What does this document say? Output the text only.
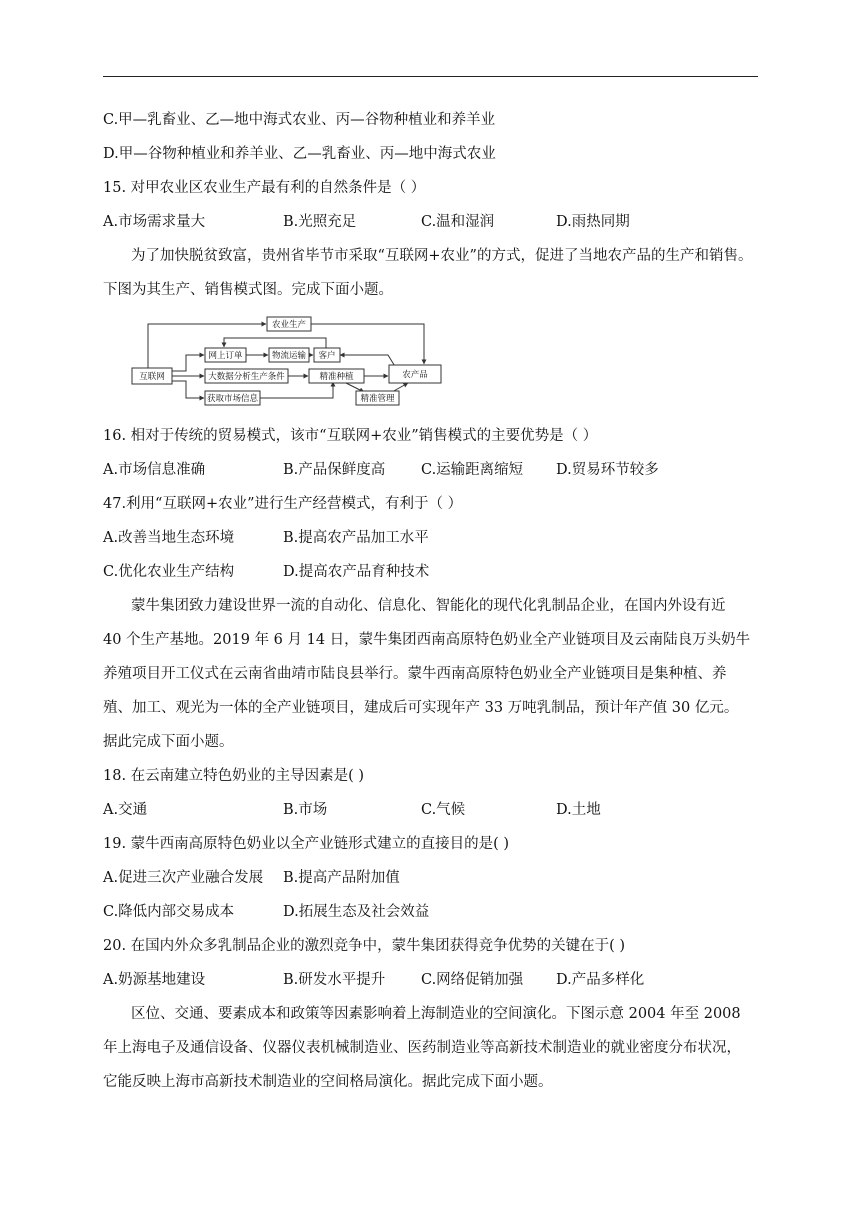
C.甲—乳畜业、乙—地中海式农业、丙—谷物种植业和养羊业
D.甲—谷物种植业和养羊业、乙—乳畜业、丙—地中海式农业
15. 对甲农业区农业生产最有利的自然条件是（ ）
A.市场需求量大	B.光照充足	C.温和湿润	D.雨热同期
为了加快脱贫致富，贵州省毕节市采取“互联网+农业”的方式，促进了当地农产品的生产和销售。
下图为其生产、销售模式图。完成下面小题。
农业生产
互联网
网上订单	物流运输 客户
大数据分析生产条件	精准种植	农产品
获取市场信息	精准管理
16. 相对于传统的贸易模式，该市“互联网+农业”销售模式的主要优势是（ ）
A.市场信息准确	B.产品保鲜度高 C.运输距离缩短 D.贸易环节较多
47.利用“互联网+农业”进行生产经营模式，有利于（ ）
A.改善当地生态环境	B.提高农产品加工水平
C.优化农业生产结构	D.提高农产品育种技术
蒙牛集团致力建设世界一流的自动化、信息化、智能化的现代化乳制品企业，在国内外设有近
40 个生产基地。2019 年 6 月 14 日，蒙牛集团西南高原特色奶业全产业链项目及云南陆良万头奶牛
养殖项目开工仪式在云南省曲靖市陆良县举行。蒙牛西南高原特色奶业全产业链项目是集种植、养
殖、加工、观光为一体的全产业链项目，建成后可实现年产 33 万吨乳制品，预计年产值 30 亿元。
据此完成下面小题。
18. 在云南建立特色奶业的主导因素是( )
A.交通	B.市场	C.气候	D.土地
19. 蒙牛西南高原特色奶业以全产业链形式建立的直接目的是( )
A.促进三次产业融合发展 B.提高产品附加值
C.降低内部交易成本	D.拓展生态及社会效益
20. 在国内外众多乳制品企业的激烈竞争中，蒙牛集团获得竞争优势的关键在于( )
A.奶源基地建设	B.研发水平提升 C.网络促销加强 D.产品多样化
区位、交通、要素成本和政策等因素影响着上海制造业的空间演化。下图示意 2004 年至 2008
年上海电子及通信设备、仪器仪表机械制造业、医药制造业等高新技术制造业的就业密度分布状况，
它能反映上海市高新技术制造业的空间格局演化。据此完成下面小题。
